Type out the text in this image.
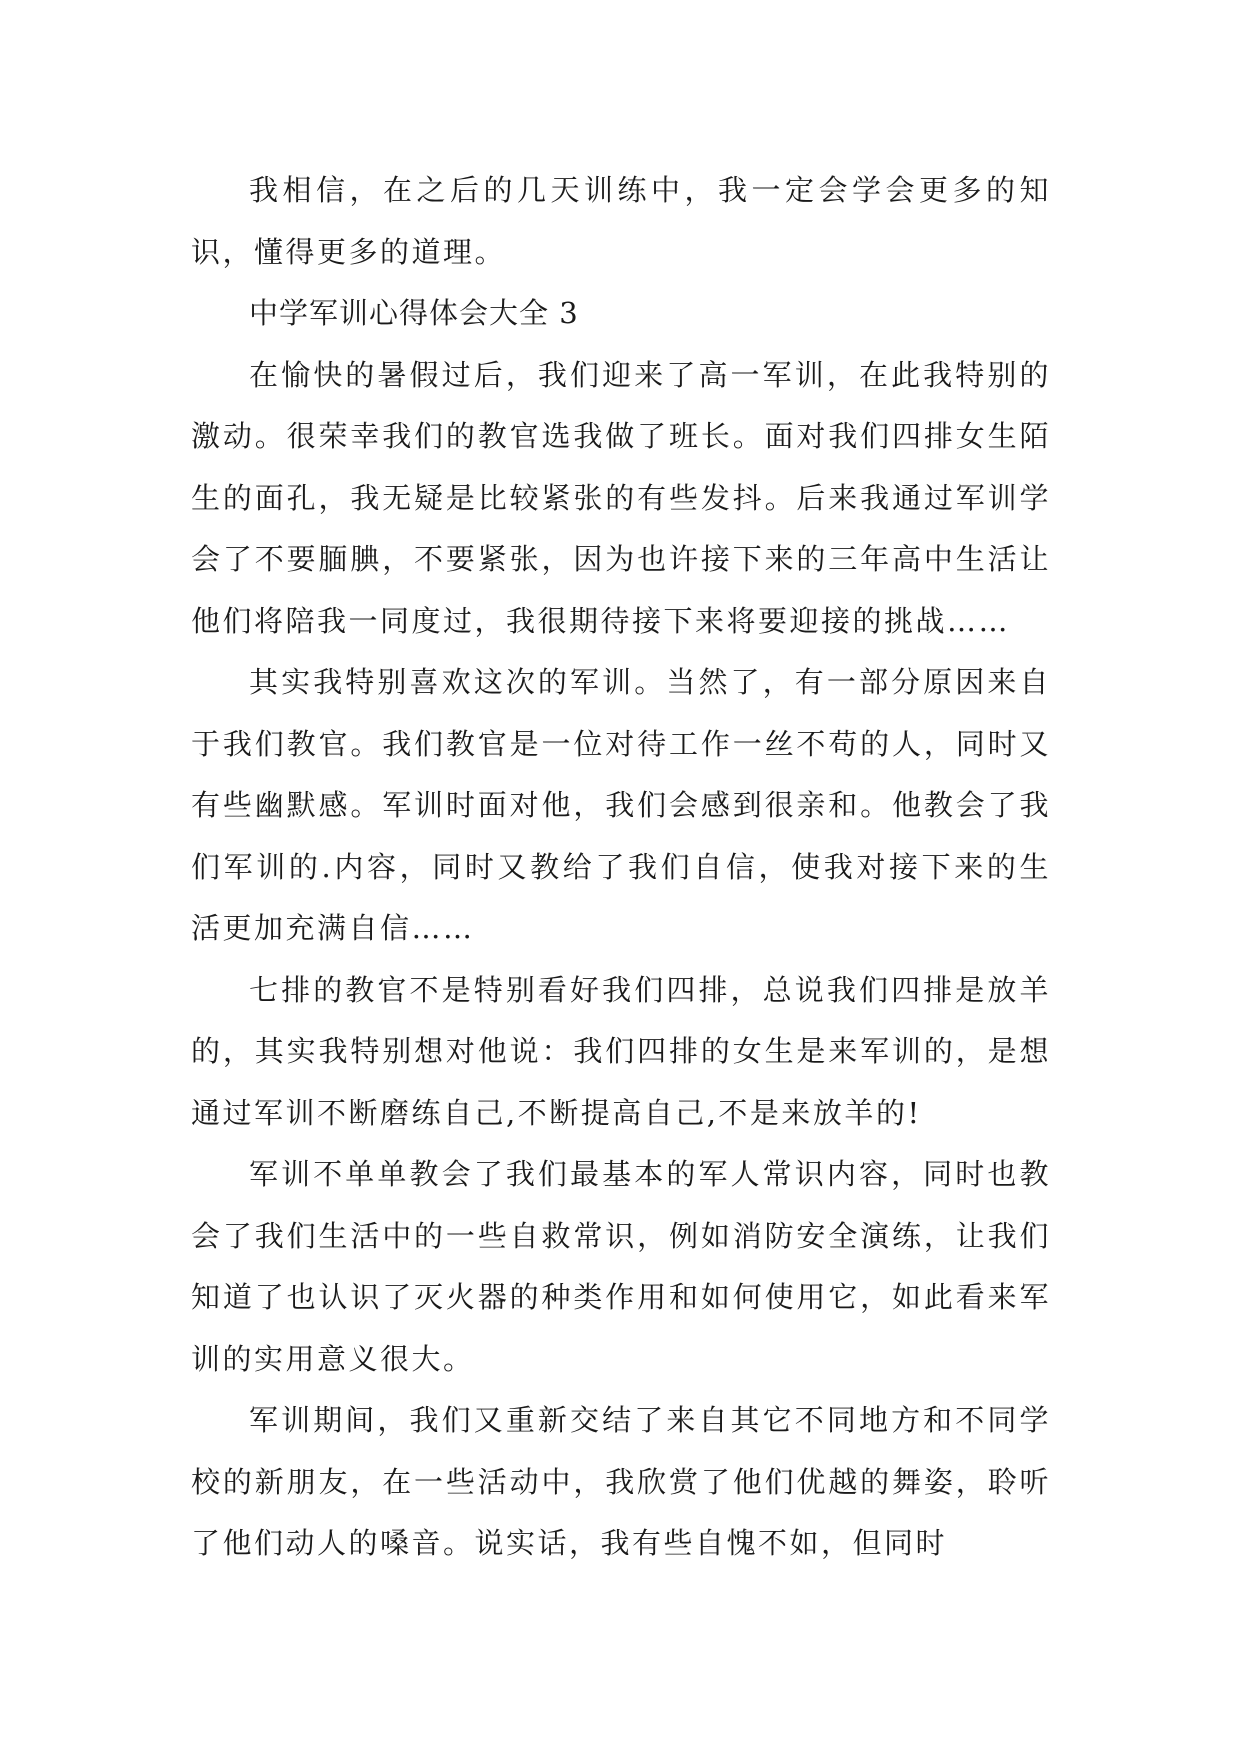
我相信，在之后的几天训练中，我一定会学会更多的知识，懂得更多的道理。

中学军训心得体会大全 3

在愉快的暑假过后，我们迎来了高一军训，在此我特别的激动。很荣幸我们的教官选我做了班长。面对我们四排女生陌生的面孔，我无疑是比较紧张的有些发抖。后来我通过军训学会了不要腼腆，不要紧张，因为也许接下来的三年高中生活让他们将陪我一同度过，我很期待接下来将要迎接的挑战……

其实我特别喜欢这次的军训。当然了，有一部分原因来自于我们教官。我们教官是一位对待工作一丝不苟的人，同时又有些幽默感。军训时面对他，我们会感到很亲和。他教会了我们军训的.内容，同时又教给了我们自信，使我对接下来的生活更加充满自信……

七排的教官不是特别看好我们四排，总说我们四排是放羊的，其实我特别想对他说：我们四排的女生是来军训的，是想通过军训不断磨练自己,不断提高自己,不是来放羊的!

军训不单单教会了我们最基本的军人常识内容，同时也教会了我们生活中的一些自救常识，例如消防安全演练，让我们知道了也认识了灭火器的种类作用和如何使用它，如此看来军训的实用意义很大。

军训期间，我们又重新交结了来自其它不同地方和不同学校的新朋友，在一些活动中，我欣赏了他们优越的舞姿，聆听了他们动人的嗓音。说实话，我有些自愧不如，但同时
